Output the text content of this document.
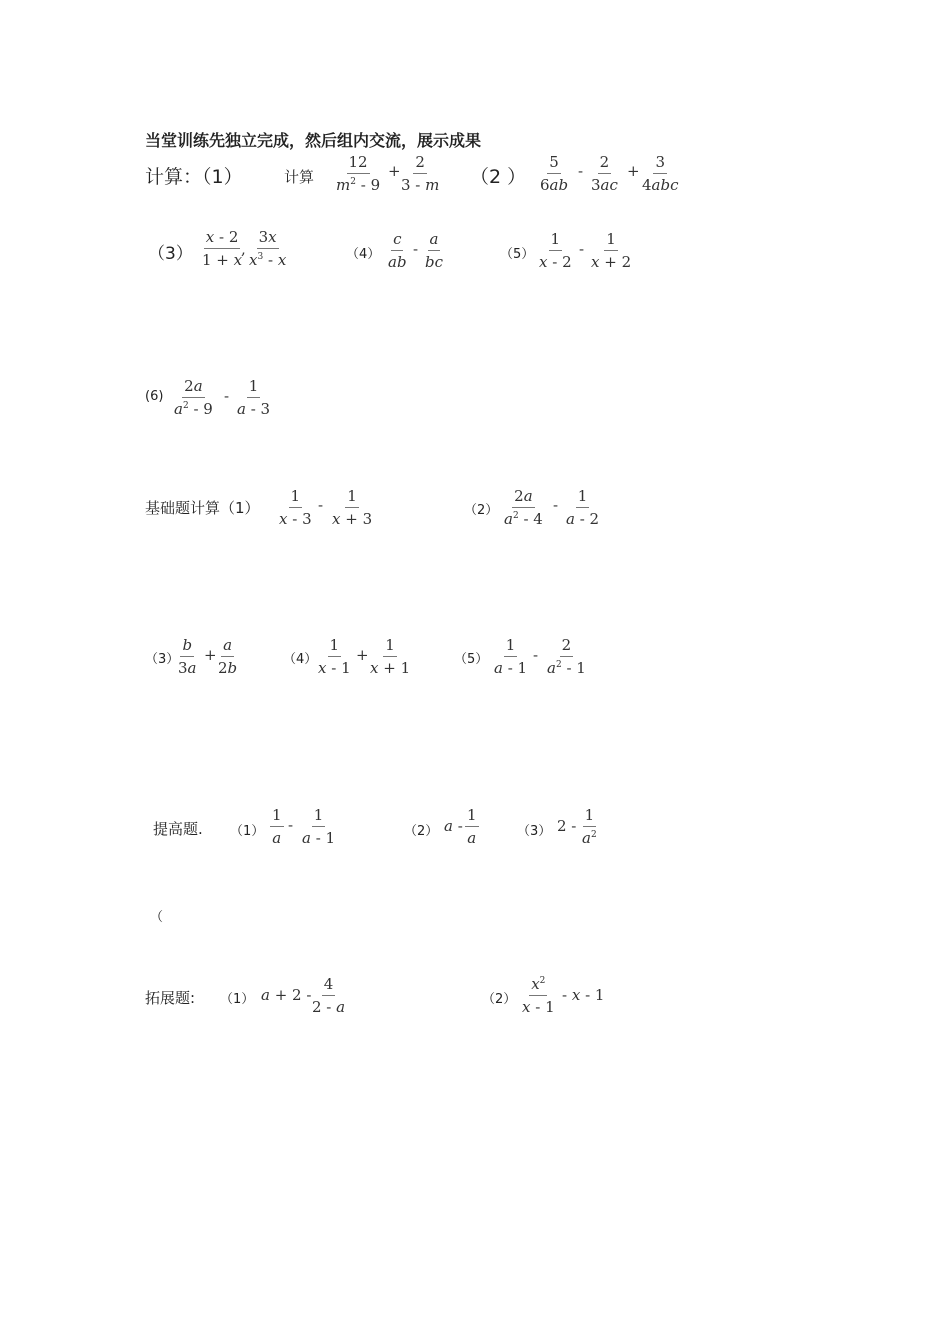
当堂训练先独立完成，然后组内交流，展示成果
计算：（1）	计算 $\frac{12}{m^2 - 9}$ +
$\frac{2}{3 - m} (2$ ） $\frac{5}{6ab} - \frac{2}{3ac} + 3$
4abc
$(3) \frac{x - 2}{1 + x}$
, $\frac{3x}{x^3 - x}$	$(4) \frac{c}{ab} - \frac{a}{bc}$	$(5) \frac{1}{x - 2} - \frac{1}{x + 2}$
$(6) \frac{2a}{a^2 - 9} - \frac{1}{a - 3}$
基础题计算$(1) \frac{1}{x - 3} - \frac{1}{x + 3}$	$(2) \frac{2a}{a^2 - 4} - \frac{1}{a - 2}$
（3）
$\frac{b}{3a} + \frac{a}{2b}$	（4）
$\frac{1}{x - 1} + \frac{1}{x + 1}$	$(5) \frac{1}{a - 1} - \frac{2}{a^2 - 1}$
提高题. $(1) \frac{1}{a} - \frac{1}{a - 1}$	（2） a - $\frac{1}{a}$	（3） $2 - \frac{1}{a^2}$
（
拓展题: （1） a + 2 -
$\frac{4}{2 - a}$	$(2) \frac{x^2}{x - 1}$ - x - 1
